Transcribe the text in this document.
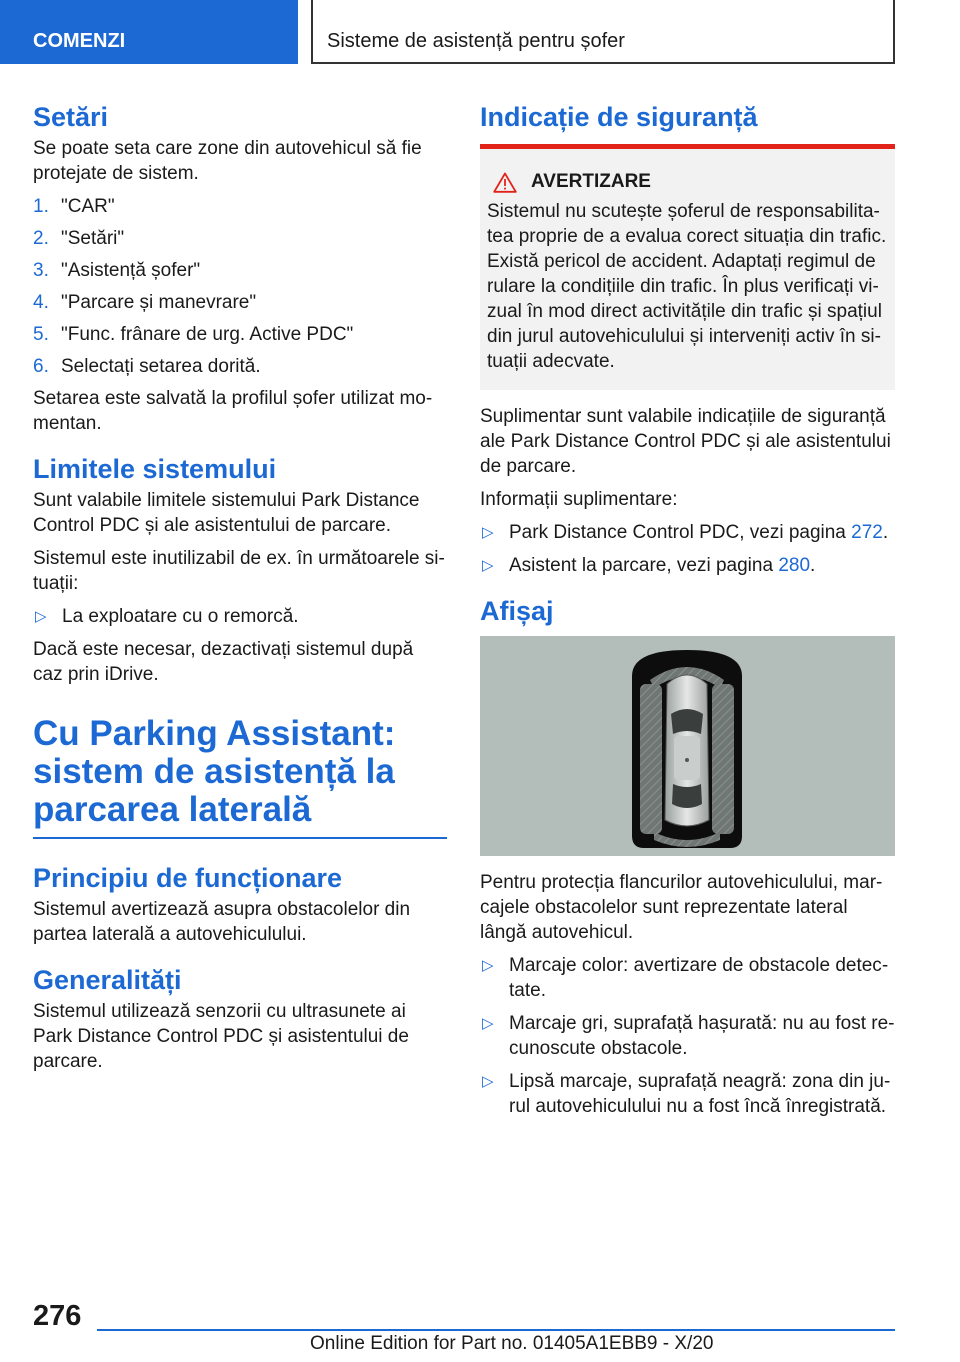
COMENZI	Sisteme de asistență pentru șofer
Setări

Se poate seta care zone din autovehicul să fie protejate de sistem.

1. "CAR"
2. "Setări"
3. "Asistență șofer"
4. "Parcare și manevrare"
5. "Func. frânare de urg. Active PDC"
6. Selectați setarea dorită.

Setarea este salvată la profilul șofer utilizat momentan.

Limitele sistemului

Sunt valabile limitele sistemului Park Distance Control PDC și ale asistentului de parcare.

Sistemul este inutilizabil de ex. în următoarele situații:

▷ La exploatare cu o remorcă.

Dacă este necesar, dezactivați sistemul după caz prin iDrive.

Cu Parking Assistant: sistem de asistență la parcarea laterală
Principiu de funcționare

Sistemul avertizează asupra obstacolelor din partea laterală a autovehiculului.

Generalități

Sistemul utilizează senzorii cu ultrasunete ai Park Distance Control PDC și asistentului de parcare.

Indicație de siguranță
AVERTIZARE

Sistemul nu scutește șoferul de responsabilitatea proprie de a evalua corect situația din trafic. Există pericol de accident. Adaptați regimul de rulare la condițiile din trafic. În plus verificați vizual în mod direct activitățile din trafic și spațiul din jurul autovehiculului și interveniți activ în situații adecvate.

Suplimentar sunt valabile indicațiile de siguranță ale Park Distance Control PDC și ale asistentului de parcare.

Informații suplimentare:

▷ Park Distance Control PDC, vezi pagina 272.
▷ Asistent la parcare, vezi pagina 280.
Afișaj

Pentru protecția flancurilor autovehiculului, marcajele obstacolelor sunt reprezentate lateral lângă autovehicul.

▷ Marcaje color: avertizare de obstacole detectate.
▷ Marcaje gri, suprafață hașurată: nu au fost recunoscute obstacole.
▷ Lipsă marcaje, suprafață neagră: zona din jurul autovehiculului nu a fost încă înregistrată.
276
Online Edition for Part no. 01405A1EBB9 - X/20
